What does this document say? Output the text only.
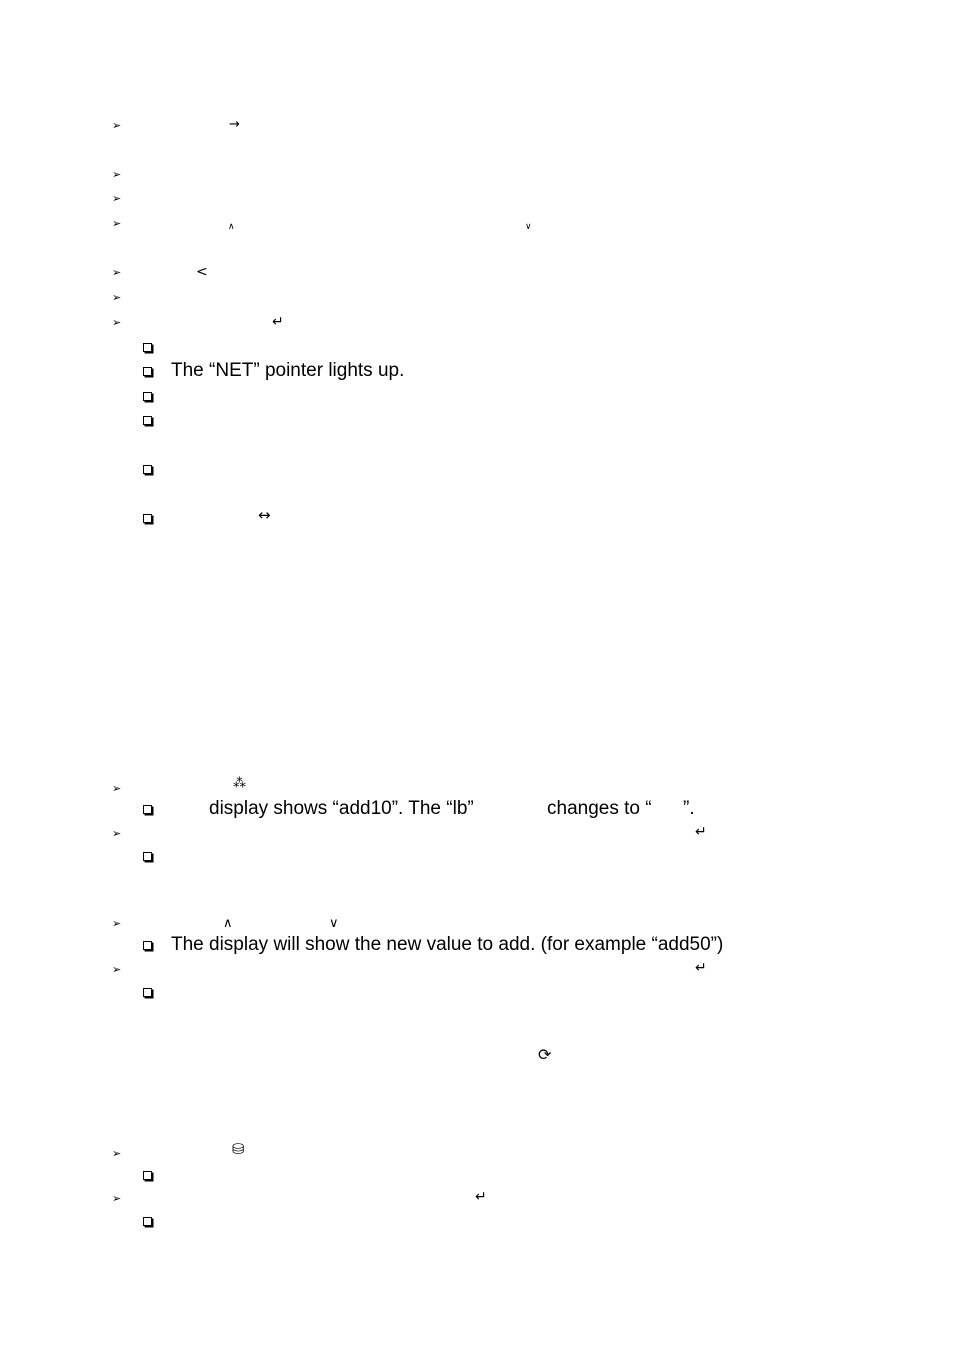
➢	→
➢
➢
➢	∧	∨
➢	<
➢
➢	↵
The “NET” pointer lights up.
↔
➢	⁂
display shows “add10”. The “lb”	changes to “ ”.
➢	↵
➢	∧	∨
The display will show the new value to add. (for example “add50”)
➢	↵
⟳
➢	⛁
➢	↵
